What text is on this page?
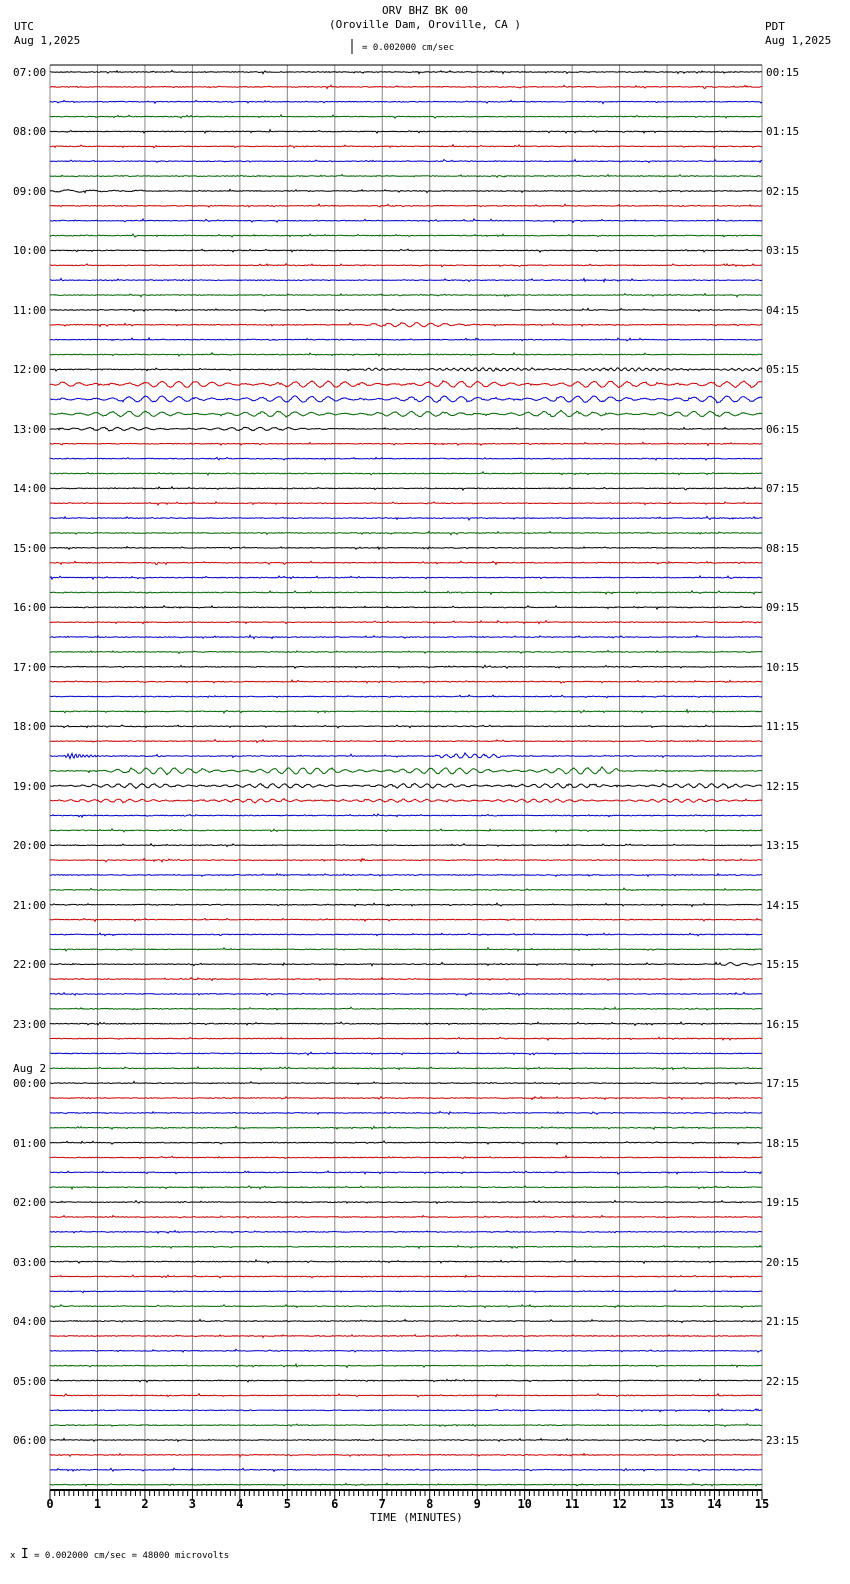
ORV BHZ BK 00
(Oroville Dam, Oroville, CA )
UTC
Aug 1,2025
PDT
Aug 1,2025
= 0.002000 cm/sec
x I = 0.002000 cm/sec = 48000 microvolts
TIME (MINUTES)
0	1	2	3	4	5	6	7	8	9	10	11	12	13	14	15
07:00
08:00
09:00
10:00
11:00
12:00
13:00
14:00
15:00
16:00
17:00
18:00
19:00
20:00
21:00
22:00
23:00
00:00
Aug 2
01:00
02:00
03:00
04:00
05:00
06:00
00:15
01:15
02:15
03:15
04:15
05:15
06:15
07:15
08:15
09:15
10:15
11:15
12:15
13:15
14:15
15:15
16:15
17:15
18:15
19:15
20:15
21:15
22:15
23:15
